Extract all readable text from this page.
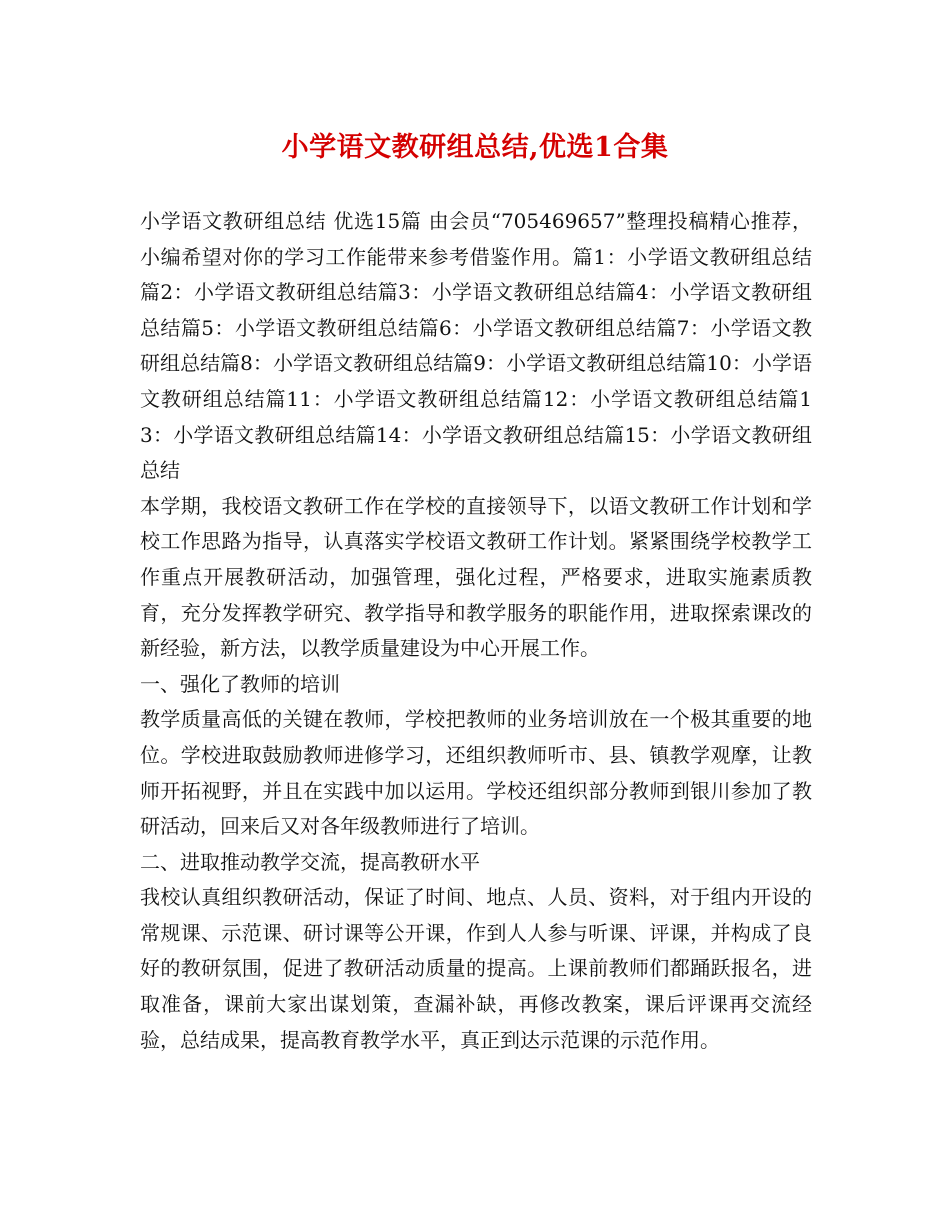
小学语文教研组总结,优选1合集

小学语文教研组总结 优选15篇 由会员“705469657”整理投稿精心推荐，小编希望对你的学习工作能带来参考借鉴作用。篇1：小学语文教研组总结篇2：小学语文教研组总结篇3：小学语文教研组总结篇4：小学语文教研组总结篇5：小学语文教研组总结篇6：小学语文教研组总结篇7：小学语文教研组总结篇8：小学语文教研组总结篇9：小学语文教研组总结篇10：小学语文教研组总结篇11：小学语文教研组总结篇12：小学语文教研组总结篇13：小学语文教研组总结篇14：小学语文教研组总结篇15：小学语文教研组总结

本学期，我校语文教研工作在学校的直接领导下，以语文教研工作计划和学校工作思路为指导，认真落实学校语文教研工作计划。紧紧围绕学校教学工作重点开展教研活动，加强管理，强化过程，严格要求，进取实施素质教育，充分发挥教学研究、教学指导和教学服务的职能作用，进取探索课改的新经验，新方法，以教学质量建设为中心开展工作。

一、强化了教师的培训

教学质量高低的关键在教师，学校把教师的业务培训放在一个极其重要的地位。学校进取鼓励教师进修学习，还组织教师听市、县、镇教学观摩，让教师开拓视野，并且在实践中加以运用。学校还组织部分教师到银川参加了教研活动，回来后又对各年级教师进行了培训。

二、进取推动教学交流，提高教研水平

我校认真组织教研活动，保证了时间、地点、人员、资料，对于组内开设的常规课、示范课、研讨课等公开课，作到人人参与听课、评课，并构成了良好的教研氛围，促进了教研活动质量的提高。上课前教师们都踊跃报名，进取准备，课前大家出谋划策，查漏补缺，再修改教案，课后评课再交流经验，总结成果，提高教育教学水平，真正到达示范课的示范作用。
